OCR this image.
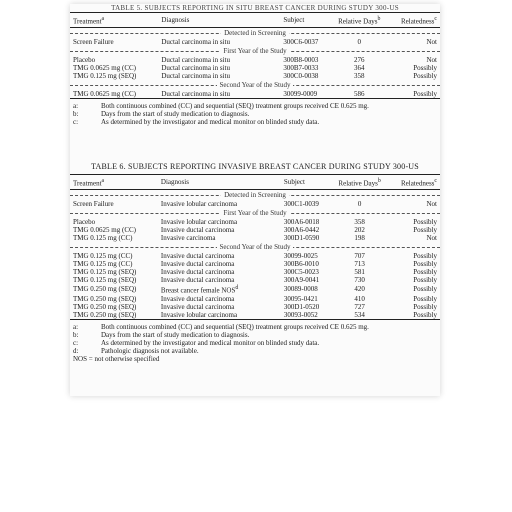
TABLE 5. SUBJECTS REPORTING IN SITU BREAST CANCER DURING STUDY 300-US
Treatment$^a$	Diagnosis	Subject	Relative Days$^b$	Relatedness$^c$

Detected in Screening				

Screen Failure	Ductal carcinoma in situ	300C6-0037	0	Not

First Year of the Study				

Placebo	Ductal carcinoma in situ	300B8-0003	276	Not
TMG 0.0625 mg (CC)	Ductal carcinoma in situ	300B7-0033	364	Possibly
TMG 0.125 mg (SEQ)	Ductal carcinoma in situ	300C0-0038	358	Possibly

Second Year of the Study				

TMG 0.0625 mg (CC)	Ductal carcinoma in situ	30099-0009	586	Possibly
a:	Both continuous combined (CC) and sequential (SEQ) treatment groups received CE 0.625 mg.
b:	Days from the start of study medication to diagnosis.
c:	As determined by the investigator and medical monitor on blinded study data.
TABLE 6. SUBJECTS REPORTING INVASIVE BREAST CANCER DURING STUDY 300-US
Treatment$^a$	Diagnosis	Subject	Relative Days$^b$	Relatedness$^c$

Detected in Screening				

Screen Failure	Invasive lobular carcinoma	300C1-0039	0	Not

First Year of the Study				

Placebo	Invasive lobular carcinoma	300A6-0018	358	Possibly
TMG 0.0625 mg (CC)	Invasive ductal carcinoma	300A6-0442	202	Possibly
TMG 0.125 mg (CC)	Invasive carcinoma	300D1-0590	198	Not

Second Year of the Study				

TMG 0.125 mg (CC)	Invasive ductal carcinoma	30099-0025	707	Possibly
TMG 0.125 mg (CC)	Invasive ductal carcinoma	300B6-0010	713	Possibly
TMG 0.125 mg (SEQ)	Invasive ductal carcinoma	300C5-0023	581	Possibly
TMG 0.125 mg (SEQ)	Invasive ductal carcinoma	300A9-0041	730	Possibly
TMG 0.250 mg (SEQ)	Breast cancer female NOS$^d$	30089-0008	420	Possibly
TMG 0.250 mg (SEQ)	Invasive ductal carcinoma	30095-0421	410	Possibly
TMG 0.250 mg (SEQ)	Invasive ductal carcinoma	300D1-0520	727	Possibly
TMG 0.250 mg (SEQ)	Invasive lobular carcinoma	30093-0052	534	Possibly
a:	Both continuous combined (CC) and sequential (SEQ) treatment groups received CE 0.625 mg.
b:	Days from the start of study medication to diagnosis.
c:	As determined by the investigator and medical monitor on blinded study data.
d:	Pathologic diagnosis not available.
NOS = not otherwise specified
